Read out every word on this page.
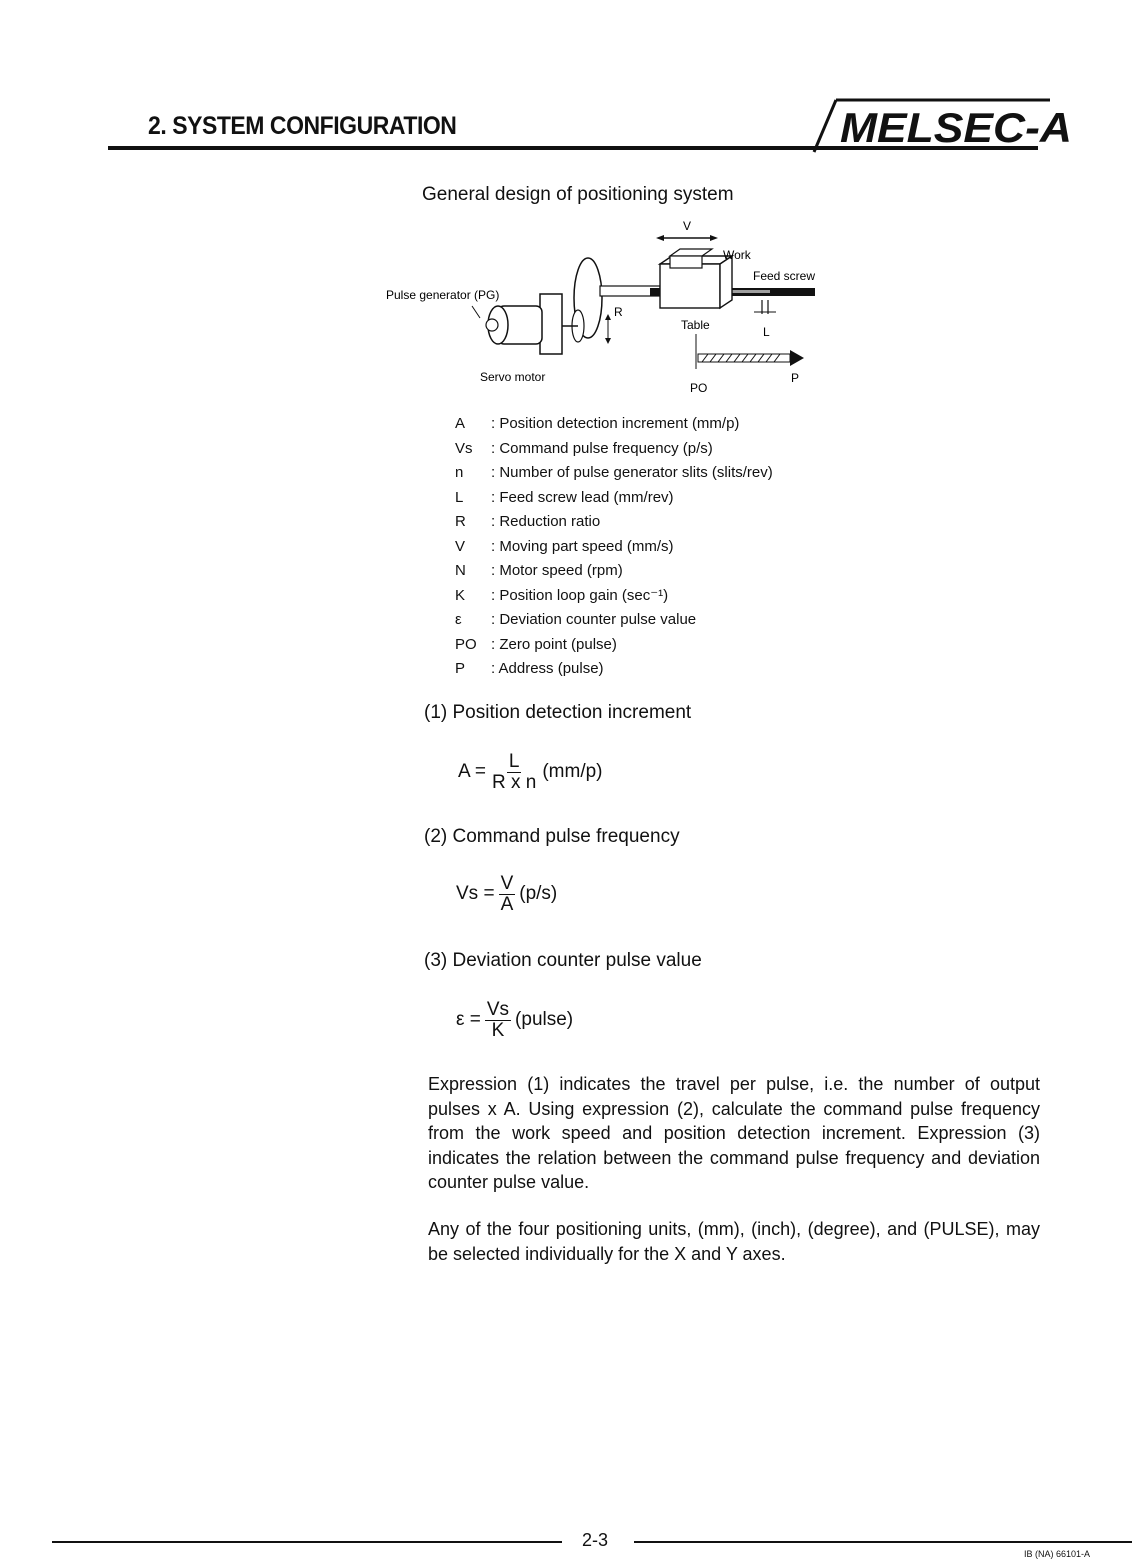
2. SYSTEM CONFIGURATION	MELSEC-A
General design of positioning system
V
Work
Feed screw
Pulse generator (PG)
R
Table	L
Servo motor	P
PO
A	: Position detection increment (mm/p)
Vs	: Command pulse frequency (p/s)
n	: Number of pulse generator slits (slits/rev)
L	: Feed screw lead (mm/rev)
R	: Reduction ratio
V	: Moving part speed (mm/s)
N	: Motor speed (rpm)
K	: Position loop gain (sec⁻¹)
ε	: Deviation counter pulse value
PO : Zero point (pulse)
P	: Address (pulse)
(1) Position detection increment
$A = \frac{L}{\text{R x n}} (mm/p)$
(2) Command pulse frequency
$Vs = \frac{V}{A} (p/s)$
(3) Deviation counter pulse value
$\varepsilon = \frac{Vs}{K}$ (pulse)
Expression (1) indicates the travel per pulse, i.e. the number of output pulses x A. Using expression (2), calculate the command pulse frequency from the work speed and position detection increment. Expression (3) indicates the relation between the command pulse frequency and deviation counter pulse value.
Any of the four positioning units, (mm), (inch), (degree), and (PULSE), may be selected individually for the X and Y axes.
2-3
IB (NA) 66101-A
